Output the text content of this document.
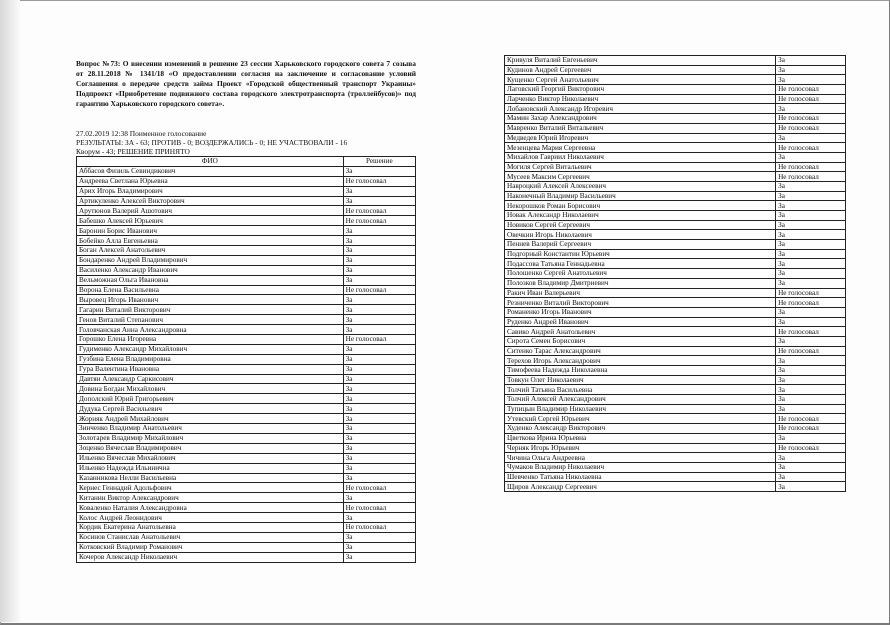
Вопрос №73: О внесении изменений в решение 23 сессии Харьковского городского совета 7 созыва от 28.11.2018 № 1341/18 «О предоставлении согласия на заключение и согласование условий Соглашения о передаче средств займа Проект «Городской общественный транспорт Украины» Подпроект «Приобретение подвижного состава городского электротранспорта (троллейбусов)» под гарантию Харьковского городского совета».
27.02.2019 12:38 Поименное голосование
РЕЗУЛЬТАТЫ: ЗА - 63; ПРОТИВ - 0; ВОЗДЕРЖАЛИСЬ - 0; НЕ УЧАСТВОВАЛИ - 16
Кворум - 43; РЕШЕНИЕ ПРИНЯТО
ФИО	Решение
Аббасов Физиль Севиндикович	За
Андреева Светлана Юрьевна	Не голосовал
Арих Игорь Владимирович	За
Артикуленко Алексей Викторович	За
Арутюнов Валерий Ашотович	Не голосовал
Бабешко Алексей Юрьевич	Не голосовал
Баронин Борис Иванович	За
Бобейко Алла Евгеньевна	За
Боган Алексей Анатольевич	За
Бондаренко Андрей Владимирович	За
Василенко Александр Иванович	За
Вельможная Ольга Ивановна	За
Ворона Елена Васильевна	Не голосовал
Выровец Игорь Иванович	За
Гагарин Виталий Викторович	За
Генов Виталий Степанович	За
Головчанская Анна Александровна	За
Горошко Елена Игоревна	Не голосовал
Гудименко Александр Михайлович	За
Гузбина Елена Владимировна	За
Гура Валентина Ивановна	За
Давтян Александр Саркисович	За
Довина Богдан Михайлович	За
Дополский Юрий Григорьевич	За
Дудука Сергей Васильевич	За
Жорняк Андрей Михайлович	За
Зинченко Владимир Анатольевич	За
Золотарев Владимир Михайлович	За
Зоценко Вячеслав Владимирович	За
Ильенко Вячеслав Михайлович	За
Ильенко Надежда Ильинична	За
Казанникова Нелли Васильевна	За
Кернес Геннадий Адольфович	Не голосовал
Китанин Виктор Александрович	За
Коваленко Наталия Александровна	Не голосовал
Колос Андрей Леонидович	За
Кордик Екатерина Анатольевна	Не голосовал
Косинов Станислав Анатольевич	За
Котковский Владимир Романович	За
Кочеров Александр Николаевич	За
Кривуля Виталий Евгеньевич	За
Кудинов Андрей Сергеевич	За
Кущенко Сергей Анатольевич	За
Лаговский Георгий Викторович	Не голосовал
Ларченко Виктор Николаевич	Не голосовал
Лобановский Александр Игоревич	За
Мамин Захар Александрович	Не голосовал
Мавренко Виталий Витальевич	Не голосовал
Медведев Юрий Игоревич	За
Мезенцева Мария Сергеевна	Не голосовал
Михайлов Гавриил Николаевич	За
Могиля Сергей Витальевич	Не голосовал
Мусеев Максим Сергеевич	Не голосовал
Навроцкий Алексей Алексеевич	За
Наконечный Владимир Васильевич	За
Некорошков Роман Борисович	За
Новак Александр Николаевич	За
Новиков Сергей Сергеевич	За
Овечкин Игорь Николаевич	За
Пеннев Валерий Сергеевич	За
Подгорный Константин Юрьевич	За
Подассова Татьяна Геннадьевна	За
Полошенко Сергей Анатольевич	За
Полозков Владимир Дмитриевич	За
Ракич Иван Валерьевич	Не голосовал
Резниченко Виталий Викторович	Не голосовал
Романенко Игорь Иванович	За
Руденко Андрей Иванович	За
Савико Андрей Анатольевич	Не голосовал
Сирота Семен Борисович	За
Ситенко Тарас Александрович	Не голосовал
Терехов Игорь Александрович	За
Тимофеева Надежда Николаевна	За
Товкун Олег Николаевич	За
Толчий Татьяна Васильевна	За
Толчий Алексей Александрович	За
Тупицын Владимир Николаевич	За
Утевский Сергей Юрьевич	Не голосовал
Худенко Александр Викторович	Не голосовал
Цветкова Ирина Юрьевна	За
Черняк Игорь Юрьевич	Не голосовал
Чичина Ольга Андреевна	За
Чумаков Владимир Николаевич	За
Шевченко Татьяна Николаевна	За
Щиров Александр Сергеевич	За
